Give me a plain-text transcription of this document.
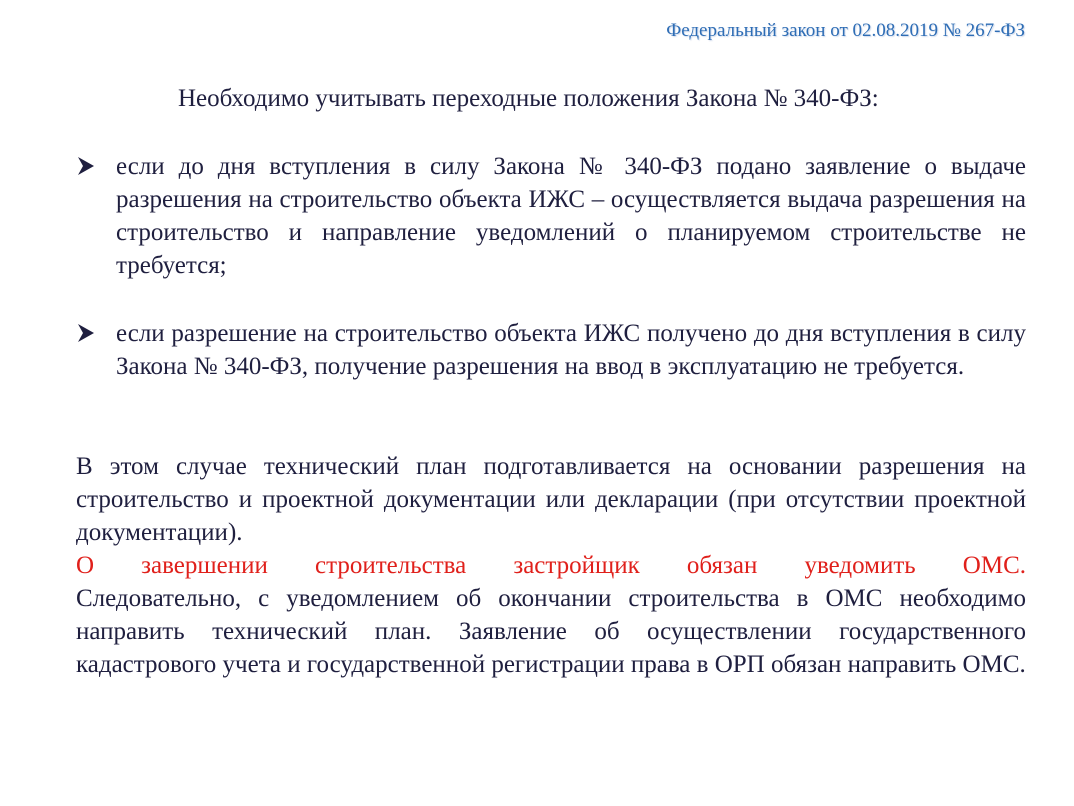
Федеральный закон от 02.08.2019 № 267-ФЗ
Необходимо учитывать переходные положения Закона № 340-ФЗ:
если до дня вступления в силу Закона № 340-ФЗ подано заявление о выдаче разрешения на строительство объекта ИЖС – осуществляется выдача разрешения на строительство и направление уведомлений о планируемом строительстве не требуется;
если разрешение на строительство объекта ИЖС получено до дня вступления в силу Закона № 340-ФЗ, получение разрешения на ввод в эксплуатацию не требуется.
В этом случае технический план подготавливается на основании разрешения на строительство и проектной документации или декларации (при отсутствии проектной документации).
О завершении строительства застройщик обязан уведомить ОМС.
Следовательно, с уведомлением об окончании строительства в ОМС необходимо направить технический план. Заявление об осуществлении государственного кадастрового учета и государственной регистрации права в ОРП обязан направить ОМС.
